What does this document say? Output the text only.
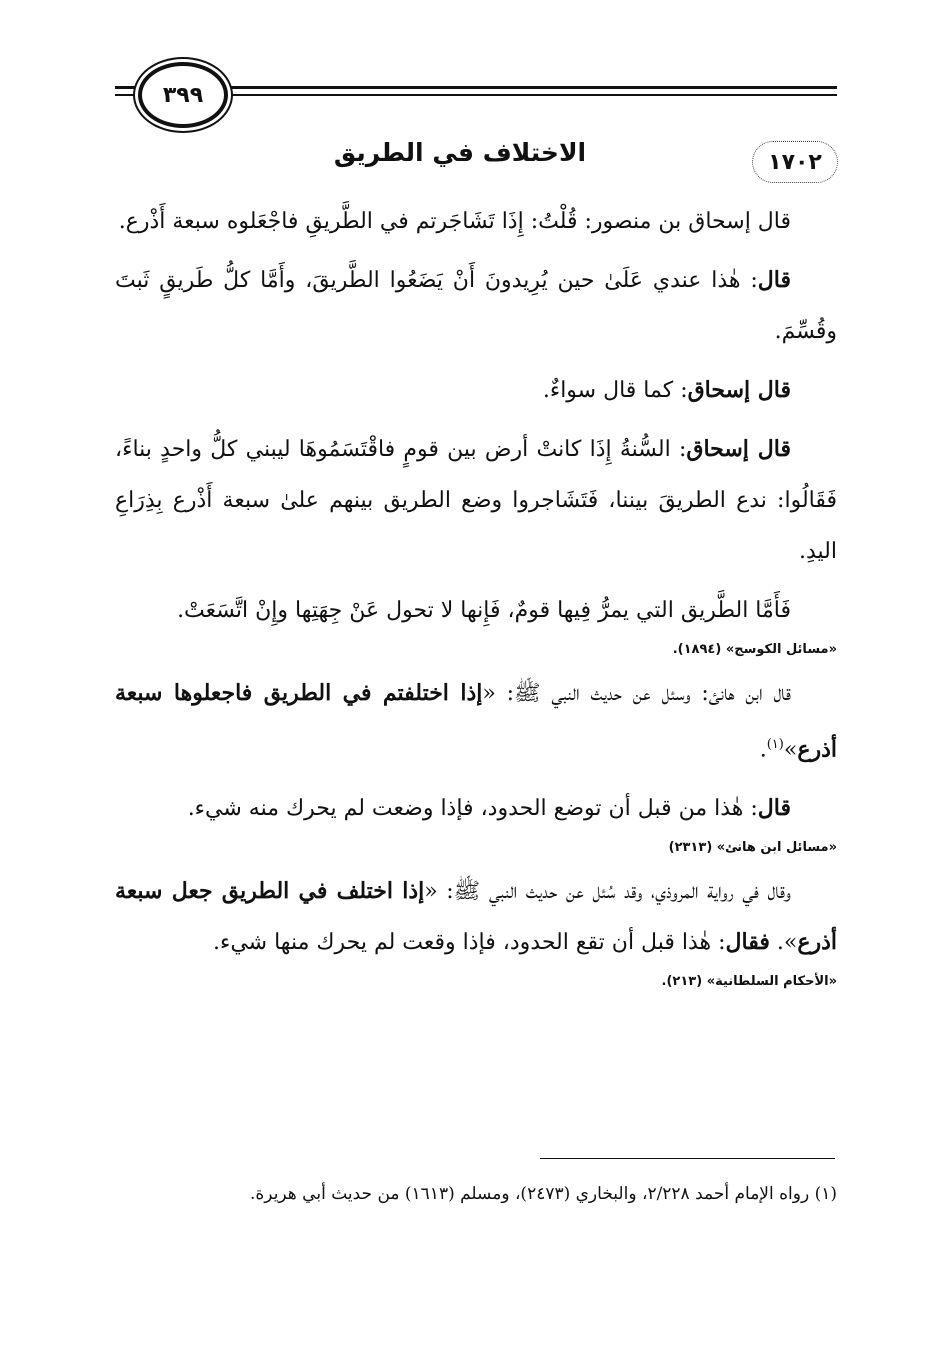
٣٩٩
١٧٠٢
الاختلاف في الطريق

قال إسحاق بن منصور: قُلْتُ: إِذَا تَشَاجَرتم في الطَّريقِ فاجْعَلوه سبعة أَذْرع.

قال: هٰذا عندي عَلَىٰ حين يُرِيدونَ أَنْ يَضَعُوا الطَّريقَ، وأَمَّا كلُّ طَريقٍ ثَبتَ وقُسِّمَ.

قال إسحاق: كما قال سواءٌ.

قال إسحاق: السُّنةُ إِذَا كانتْ أرض بين قومٍ فاقْتَسَمُوهَا ليبني كلُّ واحدٍ بناءً، فَقَالُوا: ندع الطريقَ بيننا، فَتَشَاجروا وضع الطريق بينهم علىٰ سبعة أَذْرع بِذِرَاعِ اليدِ.

فَأَمَّا الطَّريق التي يمرُّ فِيها قومٌ، فَإِنها لا تحول عَنْ جِهَتِها وإِنْ اتَّسَعَتْ.

«مسائل الكوسج» (١٨٩٤).

قال ابن هانئ: وسئل عن حديث النبي ﷺ: «إذا اختلفتم في الطريق فاجعلوها سبعة أذرع»$^{(١)}$.

قال: هٰذا من قبل أن توضع الحدود، فإذا وضعت لم يحرك منه شيء.

«مسائل ابن هانئ» (٢٣١٣)

وقال في رواية المروذي، وقد سُئل عن حديث النبي ﷺ: «إذا اختلف في الطريق جعل سبعة أذرع». فقال: هٰذا قبل أن تقع الحدود، فإذا وقعت لم يحرك منها شيء.

«الأحكام السلطانية» (٢١٣).
(١) رواه الإمام أحمد ٢/٢٢٨، والبخاري (٢٤٧٣)، ومسلم (١٦١٣) من حديث أبي هريرة.
